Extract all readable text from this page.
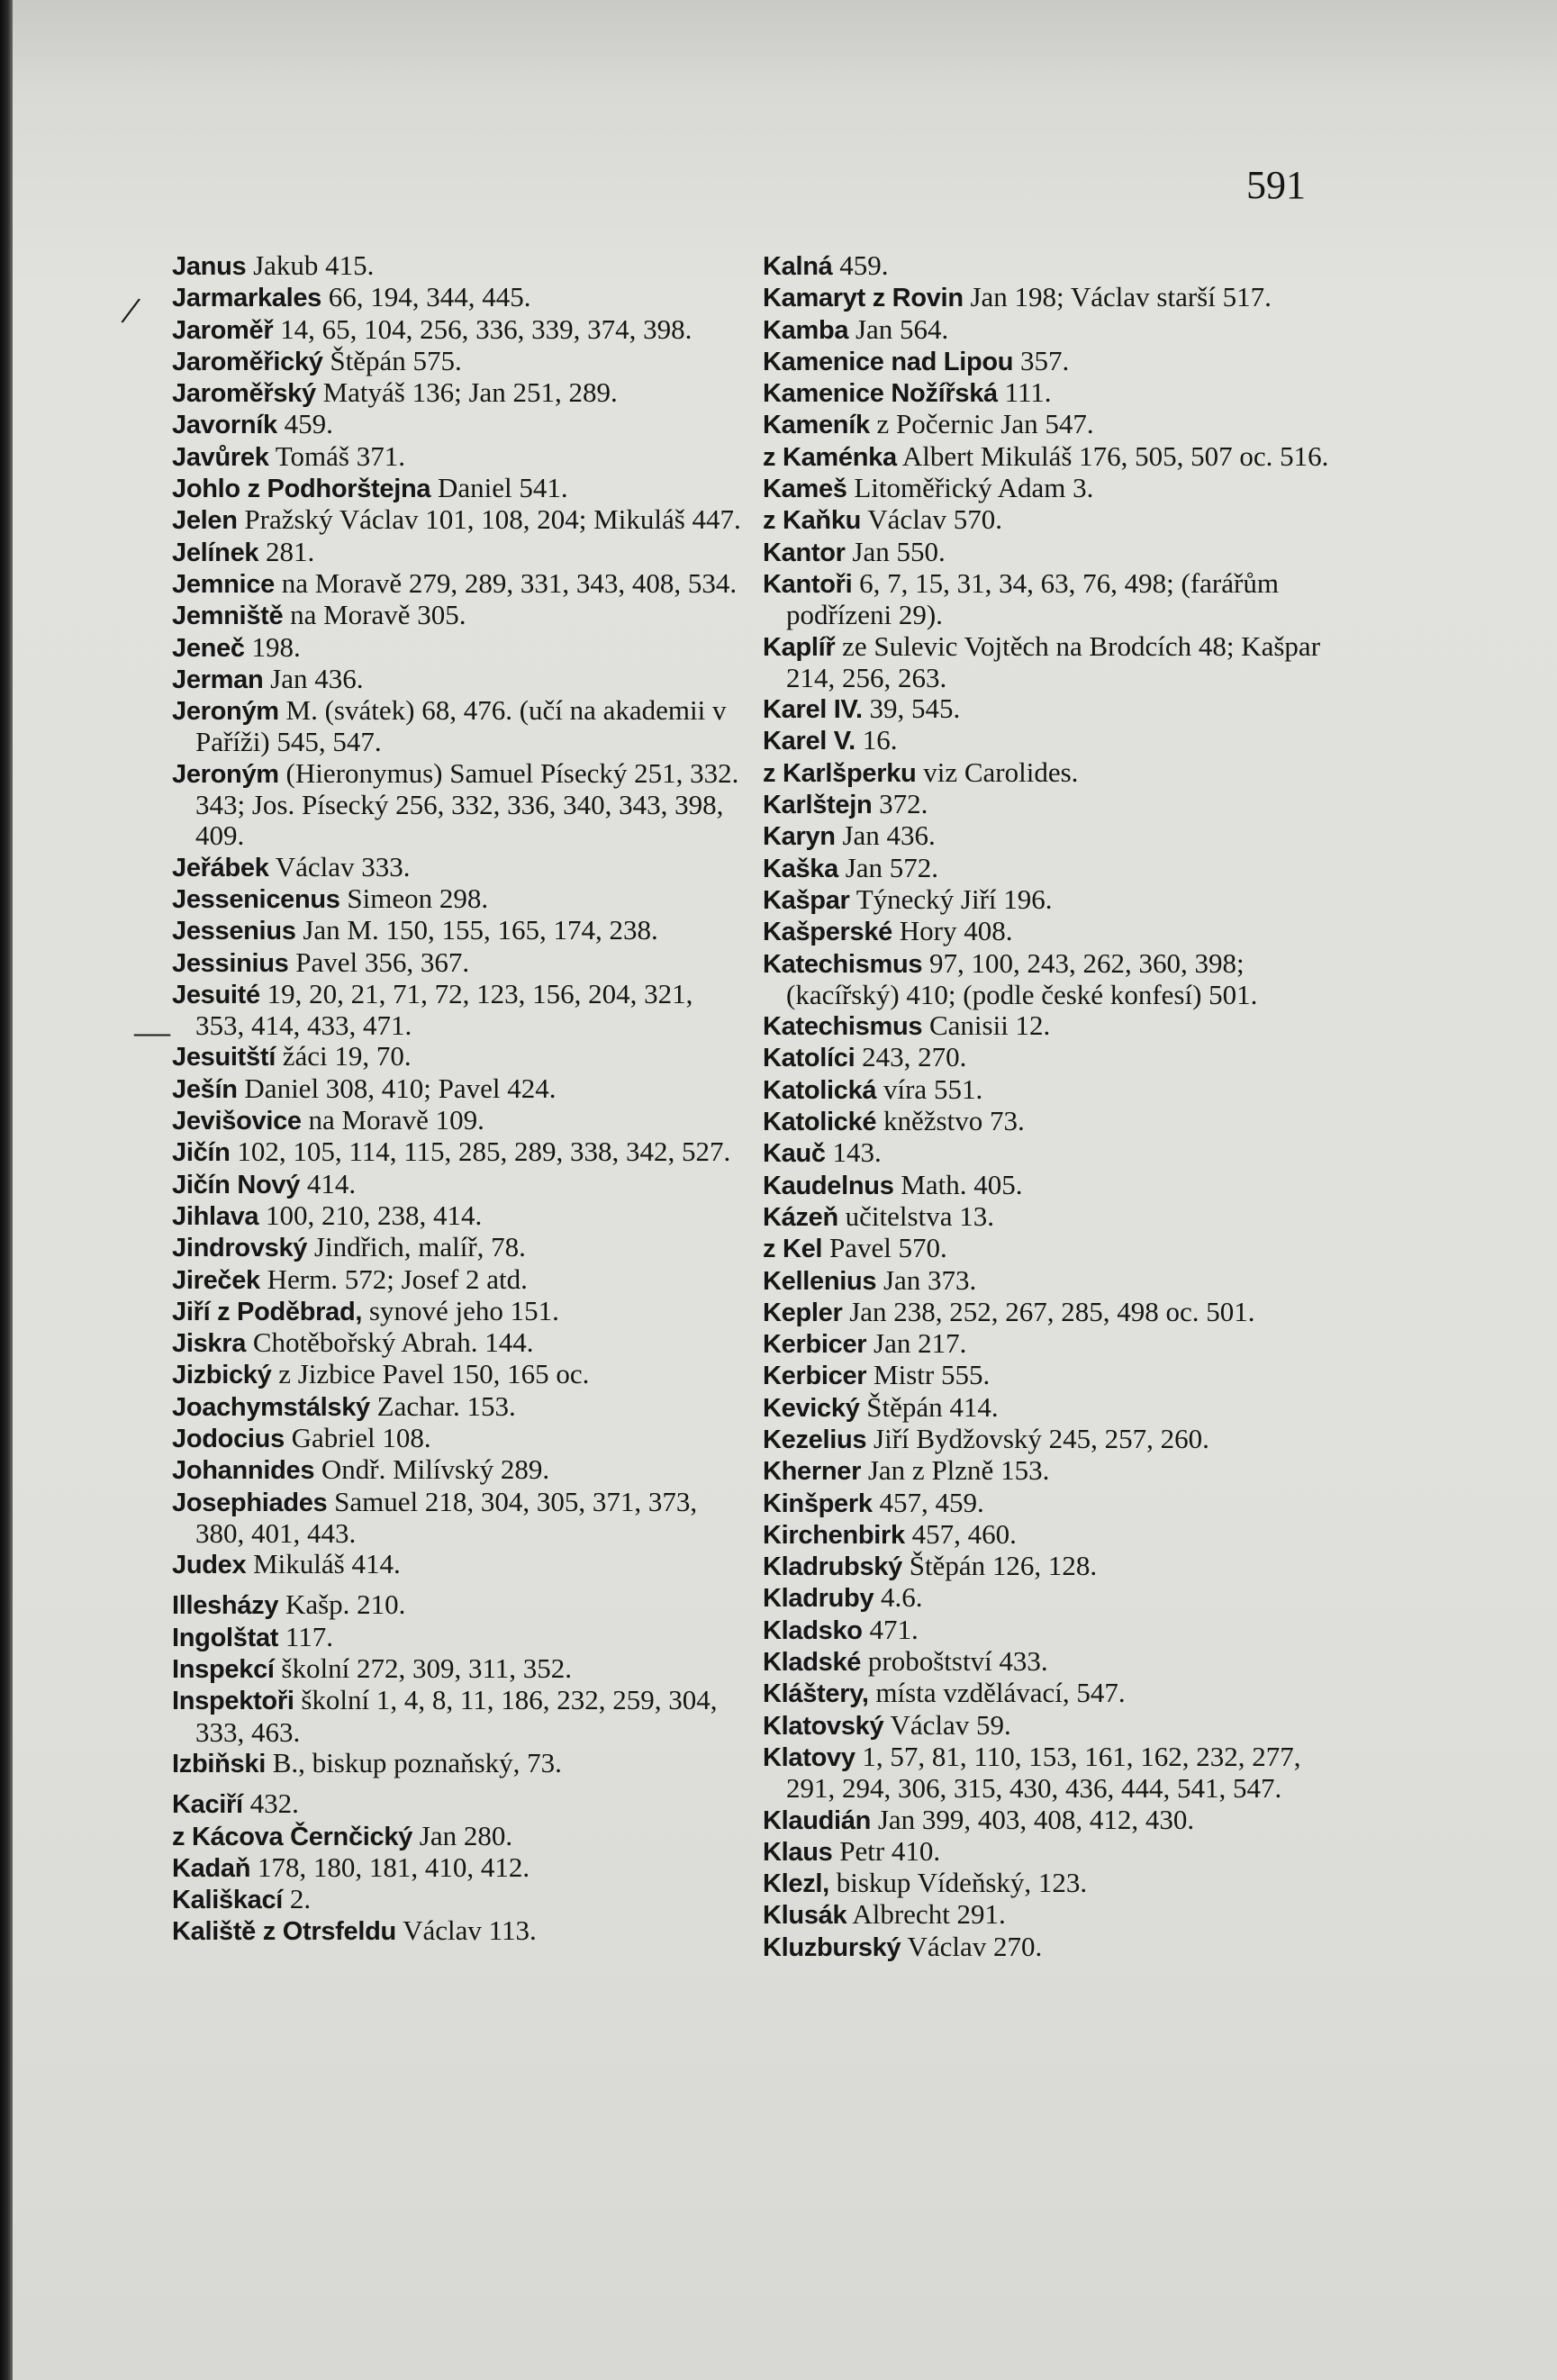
591
/
—

Janus Jakub 415.

Jarmarkales 66, 194, 344, 445.

Jaroměř 14, 65, 104, 256, 336, 339, 374, 398.

Jaroměřický Štěpán 575.

Jaroměřský Matyáš 136; Jan 251, 289.

Javorník 459.

Javůrek Tomáš 371.

Johlo z Podhorštejna Daniel 541.

Jelen Pražský Václav 101, 108, 204; Mikuláš 447.

Jelínek 281.

Jemnice na Moravě 279, 289, 331, 343, 408, 534.

Jemniště na Moravě 305.

Jeneč 198.

Jerman Jan 436.

Jeroným M. (svátek) 68, 476. (učí na akademii v Paříži) 545, 547.

Jeroným (Hieronymus) Samuel Písecký 251, 332. 343; Jos. Písecký 256, 332, 336, 340, 343, 398, 409.

Jeřábek Václav 333.

Jessenicenus Simeon 298.

Jessenius Jan M. 150, 155, 165, 174, 238.

Jessinius Pavel 356, 367.

Jesuité 19, 20, 21, 71, 72, 123, 156, 204, 321, 353, 414, 433, 471.

Jesuitští žáci 19, 70.

Ješín Daniel 308, 410; Pavel 424.

Jevišovice na Moravě 109.

Jičín 102, 105, 114, 115, 285, 289, 338, 342, 527.

Jičín Nový 414.

Jihlava 100, 210, 238, 414.

Jindrovský Jindřich, malíř, 78.

Jireček Herm. 572; Josef 2 atd.

Jiří z Poděbrad, synové jeho 151.

Jiskra Chotěbořský Abrah. 144.

Jizbický z Jizbice Pavel 150, 165 oc.

Joachymstálský Zachar. 153.

Jodocius Gabriel 108.

Johannides Ondř. Milívský 289.

Josephiades Samuel 218, 304, 305, 371, 373, 380, 401, 443.

Judex Mikuláš 414.

Illesházy Kašp. 210.

Ingolštat 117.

Inspekcí školní 272, 309, 311, 352.

Inspektoři školní 1, 4, 8, 11, 186, 232, 259, 304, 333, 463.

Izbiňski B., biskup poznaňský, 73.

Kaciří 432.

z Kácova Černčický Jan 280.

Kadaň 178, 180, 181, 410, 412.

Kališkací 2.

Kaliště z Otrsfeldu Václav 113.

Kalná 459.

Kamaryt z Rovin Jan 198; Václav starší 517.

Kamba Jan 564.

Kamenice nad Lipou 357.

Kamenice Nožířská 111.

Kameník z Počernic Jan 547.

z Kaménka Albert Mikuláš 176, 505, 507 oc. 516.

Kameš Litoměřický Adam 3.

z Kaňku Václav 570.

Kantor Jan 550.

Kantoři 6, 7, 15, 31, 34, 63, 76, 498; (farářům podřízeni 29).

Kaplíř ze Sulevic Vojtěch na Brodcích 48; Kašpar 214, 256, 263.

Karel IV. 39, 545.

Karel V. 16.

z Karlšperku viz Carolides.

Karlštejn 372.

Karyn Jan 436.

Kaška Jan 572.

Kašpar Týnecký Jiří 196.

Kašperské Hory 408.

Katechismus 97, 100, 243, 262, 360, 398; (kacířský) 410; (podle české konfesí) 501.

Katechismus Canisii 12.

Katolíci 243, 270.

Katolická víra 551.

Katolické kněžstvo 73.

Kauč 143.

Kaudelnus Math. 405.

Kázeň učitelstva 13.

z Kel Pavel 570.

Kellenius Jan 373.

Kepler Jan 238, 252, 267, 285, 498 oc. 501.

Kerbicer Jan 217.

Kerbicer Mistr 555.

Kevický Štěpán 414.

Kezelius Jiří Bydžovský 245, 257, 260.

Kherner Jan z Plzně 153.

Kinšperk 457, 459.

Kirchenbirk 457, 460.

Kladrubský Štěpán 126, 128.

Kladruby 4.6.

Kladsko 471.

Kladské proboštství 433.

Kláštery, místa vzdělávací, 547.

Klatovský Václav 59.

Klatovy 1, 57, 81, 110, 153, 161, 162, 232, 277, 291, 294, 306, 315, 430, 436, 444, 541, 547.

Klaudián Jan 399, 403, 408, 412, 430.

Klaus Petr 410.

Klezl, biskup Vídeňský, 123.

Klusák Albrecht 291.

Kluzburský Václav 270.
